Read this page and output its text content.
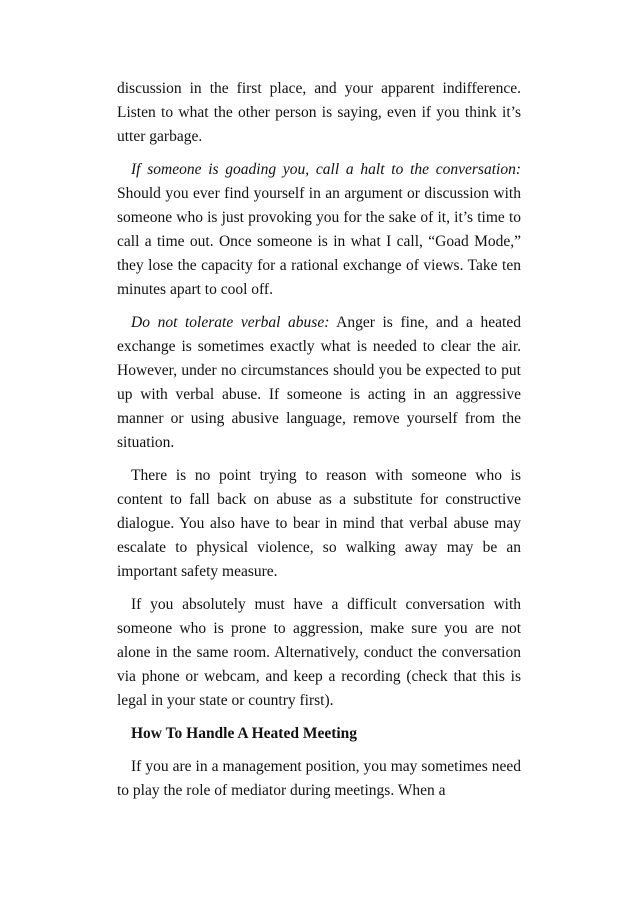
discussion in the first place, and your apparent indifference. Listen to what the other person is saying, even if you think it’s utter garbage.

If someone is goading you, call a halt to the conversation: Should you ever find yourself in an argument or discussion with someone who is just provoking you for the sake of it, it’s time to call a time out. Once someone is in what I call, “Goad Mode,” they lose the capacity for a rational exchange of views. Take ten minutes apart to cool off.

Do not tolerate verbal abuse: Anger is fine, and a heated exchange is sometimes exactly what is needed to clear the air. However, under no circumstances should you be expected to put up with verbal abuse. If someone is acting in an aggressive manner or using abusive language, remove yourself from the situation.

There is no point trying to reason with someone who is content to fall back on abuse as a substitute for constructive dialogue. You also have to bear in mind that verbal abuse may escalate to physical violence, so walking away may be an important safety measure.

If you absolutely must have a difficult conversation with someone who is prone to aggression, make sure you are not alone in the same room. Alternatively, conduct the conversation via phone or webcam, and keep a recording (check that this is legal in your state or country first).

How To Handle A Heated Meeting

If you are in a management position, you may sometimes need to play the role of mediator during meetings. When a
